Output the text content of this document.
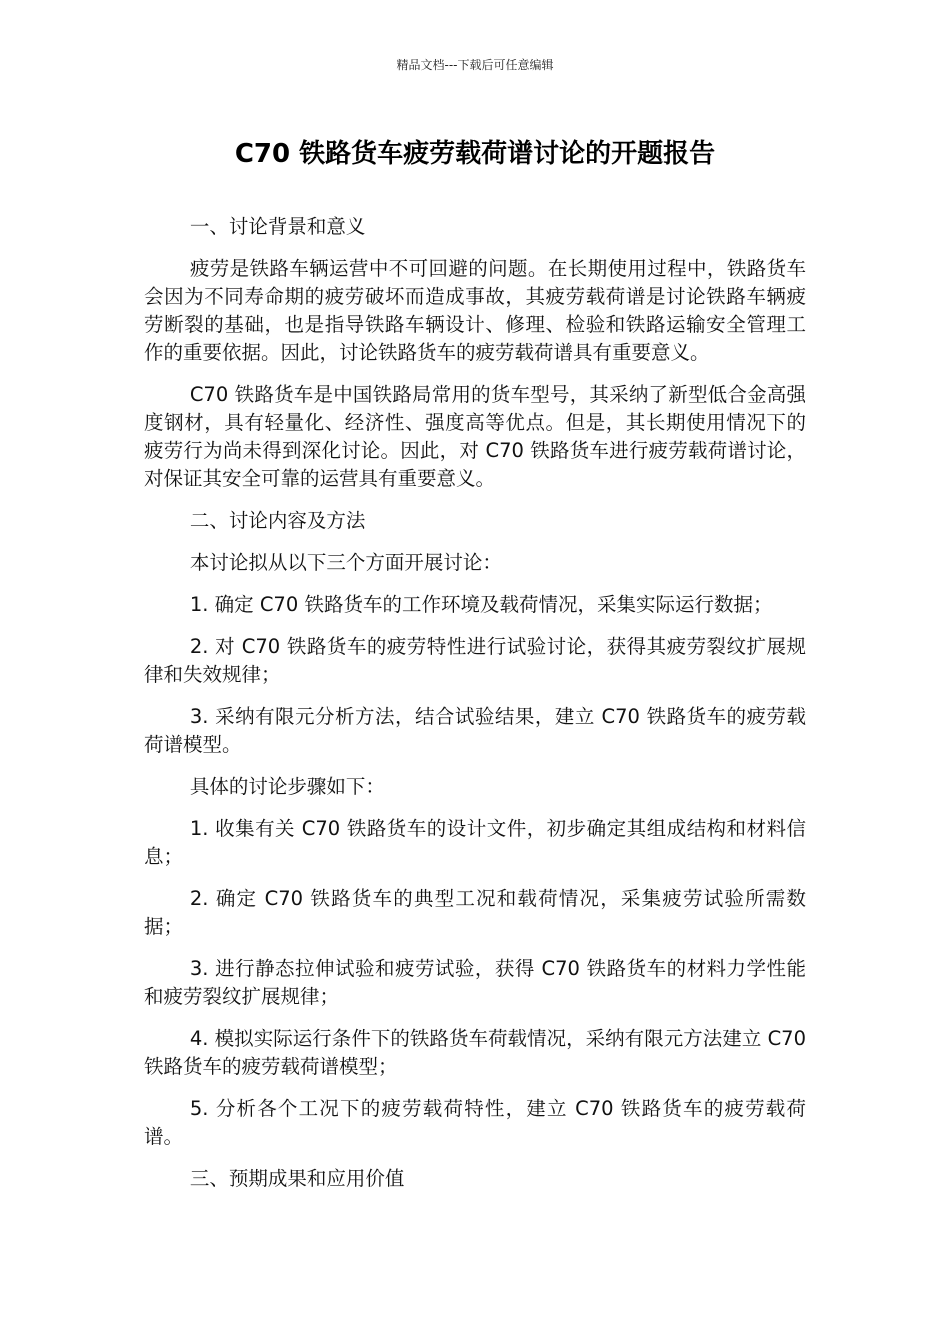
精品文档---下载后可任意编辑
C70 铁路货车疲劳载荷谱讨论的开题报告

一、讨论背景和意义

疲劳是铁路车辆运营中不可回避的问题。在长期使用过程中，铁路货车会因为不同寿命期的疲劳破坏而造成事故，其疲劳载荷谱是讨论铁路车辆疲劳断裂的基础，也是指导铁路车辆设计、修理、检验和铁路运输安全管理工作的重要依据。因此，讨论铁路货车的疲劳载荷谱具有重要意义。

C70 铁路货车是中国铁路局常用的货车型号，其采纳了新型低合金高强度钢材，具有轻量化、经济性、强度高等优点。但是，其长期使用情况下的疲劳行为尚未得到深化讨论。因此，对 C70 铁路货车进行疲劳载荷谱讨论，对保证其安全可靠的运营具有重要意义。

二、讨论内容及方法

本讨论拟从以下三个方面开展讨论：

1. 确定 C70 铁路货车的工作环境及载荷情况，采集实际运行数据；

2. 对 C70 铁路货车的疲劳特性进行试验讨论，获得其疲劳裂纹扩展规律和失效规律；

3. 采纳有限元分析方法，结合试验结果，建立 C70 铁路货车的疲劳载荷谱模型。

具体的讨论步骤如下：

1. 收集有关 C70 铁路货车的设计文件，初步确定其组成结构和材料信息；

2. 确定 C70 铁路货车的典型工况和载荷情况，采集疲劳试验所需数据；

3. 进行静态拉伸试验和疲劳试验，获得 C70 铁路货车的材料力学性能和疲劳裂纹扩展规律；

4. 模拟实际运行条件下的铁路货车荷载情况，采纳有限元方法建立 C70 铁路货车的疲劳载荷谱模型；

5. 分析各个工况下的疲劳载荷特性，建立 C70 铁路货车的疲劳载荷谱。

三、预期成果和应用价值
